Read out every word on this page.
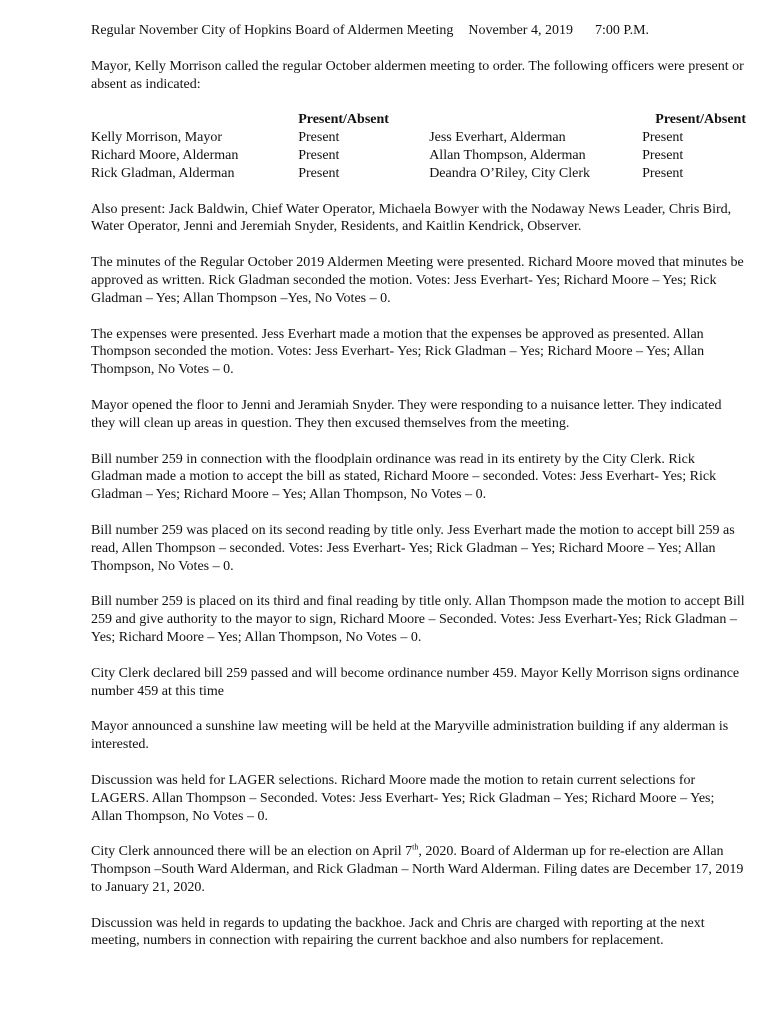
Regular November City of Hopkins Board of Aldermen Meeting November 4, 2019 7:00 P.M.

Mayor, Kelly Morrison called the regular October aldermen meeting to order. The following officers were present or absent as indicated:

	Present/Absent		Present/Absent
Kelly Morrison, Mayor	Present	Jess Everhart, Alderman	Present
Richard Moore, Alderman	Present	Allan Thompson, Alderman	Present
Rick Gladman, Alderman	Present	Deandra O’Riley, City Clerk	Present

Also present: Jack Baldwin, Chief Water Operator, Michaela Bowyer with the Nodaway News Leader, Chris Bird, Water Operator, Jenni and Jeremiah Snyder, Residents, and Kaitlin Kendrick, Observer.

The minutes of the Regular October 2019 Aldermen Meeting were presented. Richard Moore moved that minutes be approved as written. Rick Gladman seconded the motion. Votes: Jess Everhart- Yes; Richard Moore – Yes; Rick Gladman – Yes; Allan Thompson –Yes, No Votes – 0.

The expenses were presented. Jess Everhart made a motion that the expenses be approved as presented. Allan Thompson seconded the motion. Votes: Jess Everhart- Yes; Rick Gladman – Yes; Richard Moore – Yes; Allan Thompson, No Votes – 0.

Mayor opened the floor to Jenni and Jeramiah Snyder. They were responding to a nuisance letter. They indicated they will clean up areas in question. They then excused themselves from the meeting.

Bill number 259 in connection with the floodplain ordinance was read in its entirety by the City Clerk. Rick Gladman made a motion to accept the bill as stated, Richard Moore – seconded. Votes: Jess Everhart- Yes; Rick Gladman – Yes; Richard Moore – Yes; Allan Thompson, No Votes – 0.

Bill number 259 was placed on its second reading by title only. Jess Everhart made the motion to accept bill 259 as read, Allen Thompson – seconded. Votes: Jess Everhart- Yes; Rick Gladman – Yes; Richard Moore – Yes; Allan Thompson, No Votes – 0.

Bill number 259 is placed on its third and final reading by title only. Allan Thompson made the motion to accept Bill 259 and give authority to the mayor to sign, Richard Moore – Seconded. Votes: Jess Everhart-Yes; Rick Gladman – Yes; Richard Moore – Yes; Allan Thompson, No Votes – 0.

City Clerk declared bill 259 passed and will become ordinance number 459. Mayor Kelly Morrison signs ordinance number 459 at this time

Mayor announced a sunshine law meeting will be held at the Maryville administration building if any alderman is interested.

Discussion was held for LAGER selections. Richard Moore made the motion to retain current selections for LAGERS. Allan Thompson – Seconded. Votes: Jess Everhart- Yes; Rick Gladman – Yes; Richard Moore – Yes; Allan Thompson, No Votes – 0.

City Clerk announced there will be an election on April 7th, 2020. Board of Alderman up for re-election are Allan Thompson –South Ward Alderman, and Rick Gladman – North Ward Alderman. Filing dates are December 17, 2019 to January 21, 2020.

Discussion was held in regards to updating the backhoe. Jack and Chris are charged with reporting at the next meeting, numbers in connection with repairing the current backhoe and also numbers for replacement.
